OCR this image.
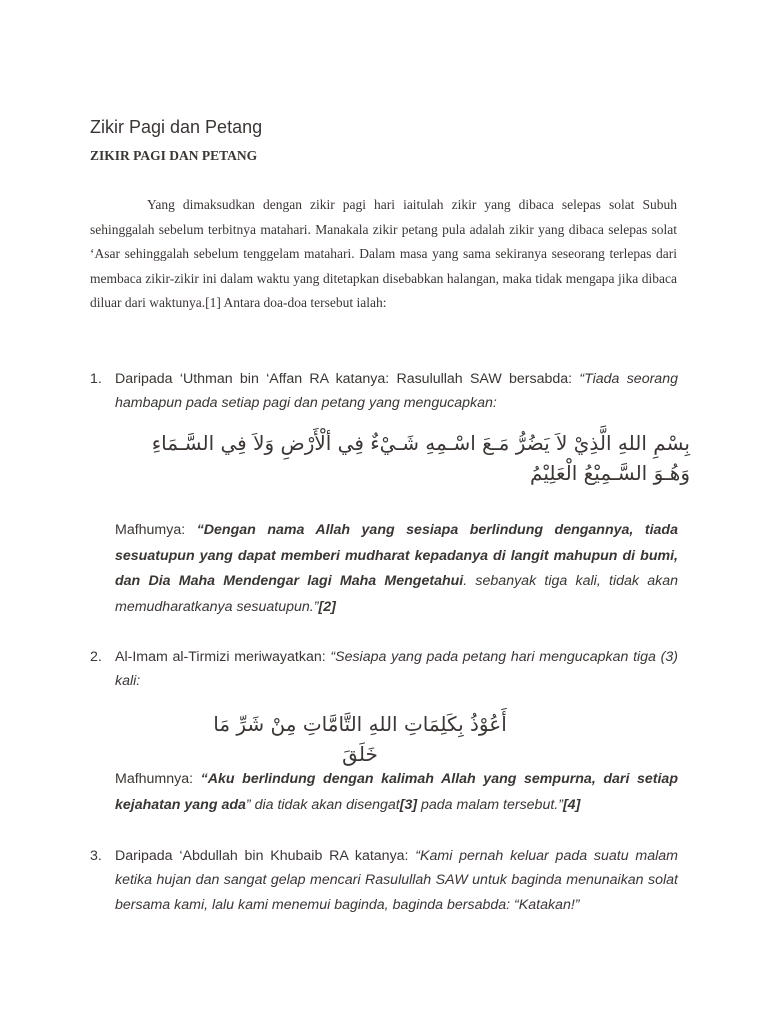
Zikir Pagi dan Petang
ZIKIR PAGI DAN PETANG

Yang dimaksudkan dengan zikir pagi hari iaitulah zikir yang dibaca selepas solat Subuh sehinggalah sebelum terbitnya matahari. Manakala zikir petang pula adalah zikir yang dibaca selepas solat ‘Asar sehinggalah sebelum tenggelam matahari. Dalam masa yang sama sekiranya seseorang terlepas dari membaca zikir-zikir ini dalam waktu yang ditetapkan disebabkan halangan, maka tidak mengapa jika dibaca diluar dari waktunya.[1] Antara doa-doa tersebut ialah:

1. Daripada ‘Uthman bin ‘Affan RA katanya: Rasulullah SAW bersabda: “Tiada seorang hambapun pada setiap pagi dan petang yang mengucapkan:
بِسْمِ اللهِ الَّذِيْ لاَ يَضُرُّ مَـعَ اسْـمِهِ شَـيْءٌ فِي ألْأَرْضِ وَلاَ فِي السَّـمَاءِ وَهُـوَ السَّـمِيْعُ الْعَلِيْمُ
Mafhumya: “Dengan nama Allah yang sesiapa berlindung dengannya, tiada sesuatupun yang dapat memberi mudharat kepadanya di langit mahupun di bumi, dan Dia Maha Mendengar lagi Maha Mengetahui. sebanyak tiga kali, tidak akan memudharatkanya sesuatupun.”[2]
2. Al-Imam al-Tirmizi meriwayatkan: “Sesiapa yang pada petang hari mengucapkan tiga (3) kali:
أَعُوْذُ بِكَلِمَاتِ اللهِ التَّامَّاتِ مِنْ شَرِّ مَا خَلَقَ
Mafhumnya: “Aku berlindung dengan kalimah Allah yang sempurna, dari setiap kejahatan yang ada” dia tidak akan disengat[3] pada malam tersebut.”[4]
3. Daripada ‘Abdullah bin Khubaib RA katanya: “Kami pernah keluar pada suatu malam ketika hujan dan sangat gelap mencari Rasulullah SAW untuk baginda menunaikan solat bersama kami, lalu kami menemui baginda, baginda bersabda: “Katakan!”
